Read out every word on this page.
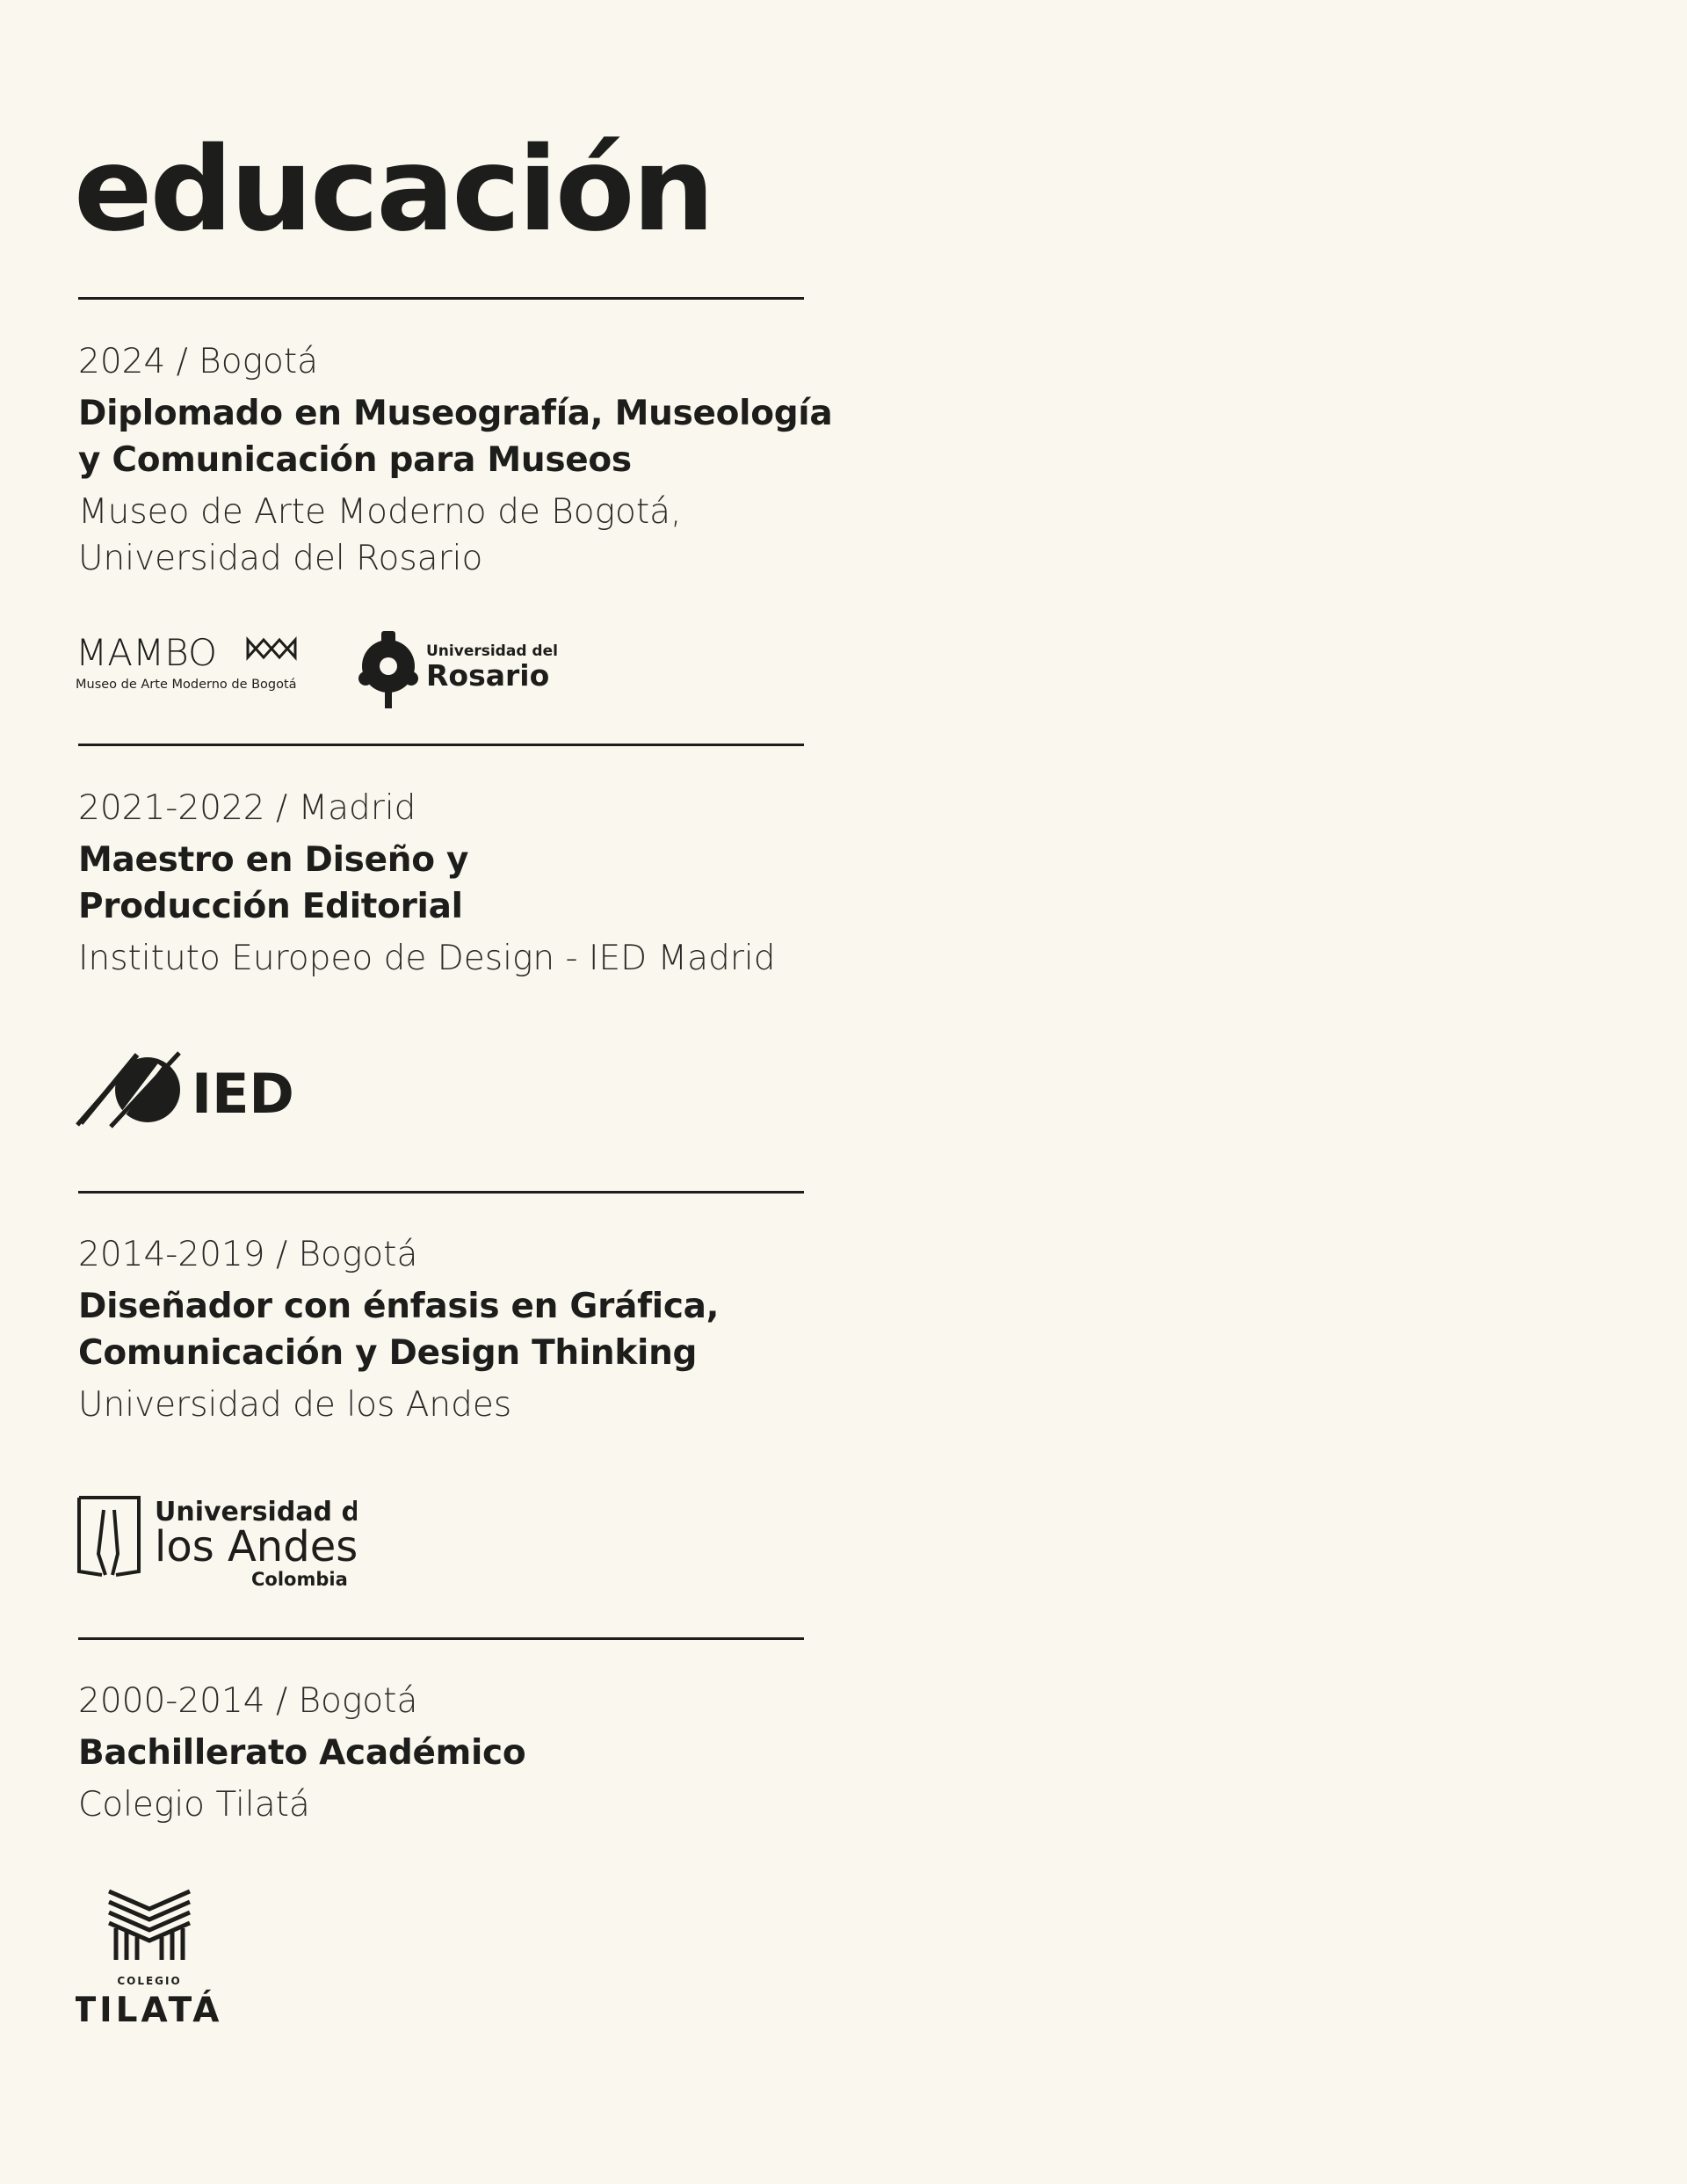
educación
2024 / Bogotá
Diplomado en Museografía, Museología
y Comunicación para Museos
Museo de Arte Moderno de Bogotá,
Universidad del Rosario
MAMBO
Museo de Arte Moderno de Bogotá
Universidad del
Rosario
2021-2022 / Madrid
Maestro en Diseño y
Producción Editorial
Instituto Europeo de Design - IED Madrid
IED
2014-2019 / Bogotá
Diseñador con énfasis en Gráfica,
Comunicación y Design Thinking
Universidad de los Andes
Universidad de
los Andes
Colombia
2000-2014 / Bogotá
Bachillerato Académico
Colegio Tilatá
COLEGIO
TILATÁ
